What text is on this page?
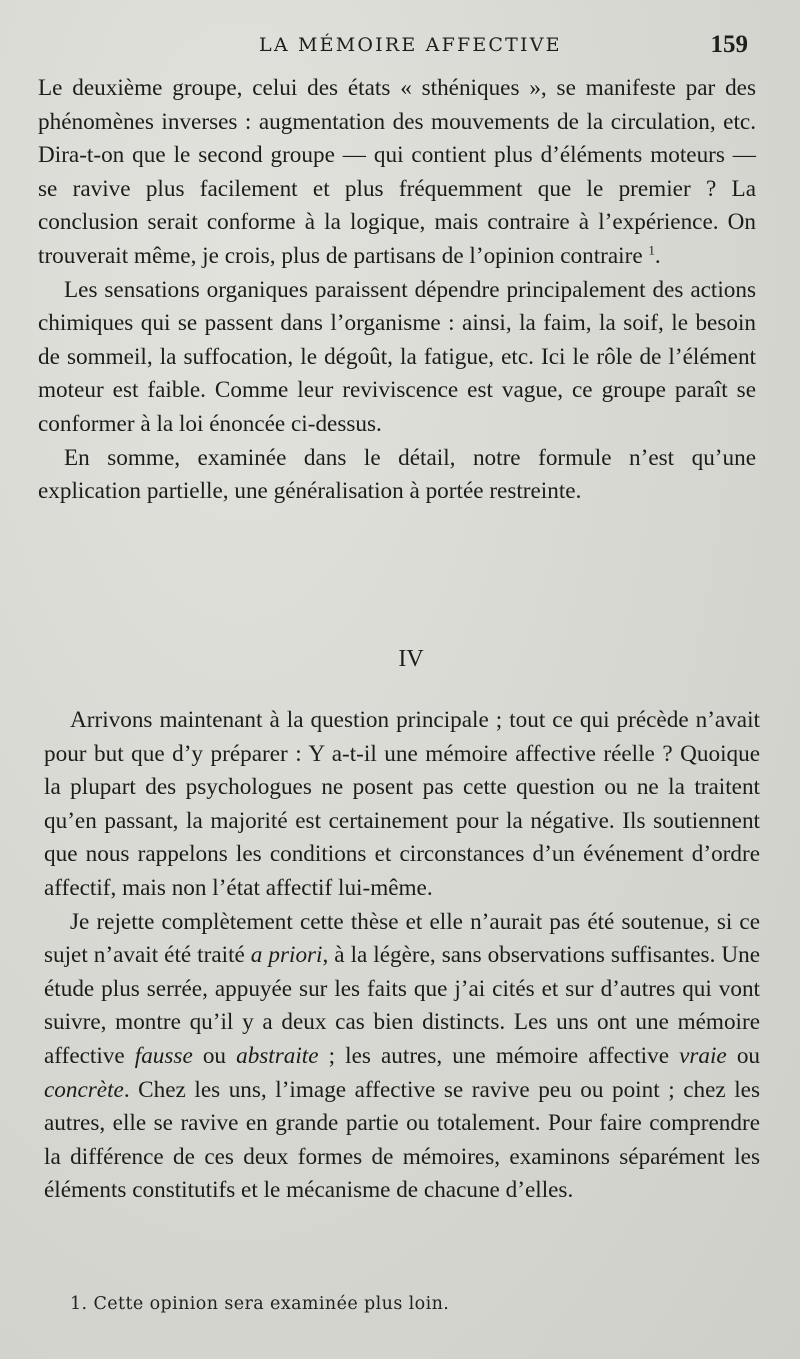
LA MÉMOIRE AFFECTIVE	159

Le deuxième groupe, celui des états « sthéniques », se manifeste par des phénomènes inverses : augmentation des mouvements de la circulation, etc. Dira-t-on que le second groupe — qui contient plus d’éléments moteurs — se ravive plus facilement et plus fréquemment que le premier ? La conclusion serait conforme à la logique, mais contraire à l’expérience. On trouverait même, je crois, plus de partisans de l’opinion contraire $^1$.

Les sensations organiques paraissent dépendre principalement des actions chimiques qui se passent dans l’organisme : ainsi, la faim, la soif, le besoin de sommeil, la suffocation, le dégoût, la fatigue, etc. Ici le rôle de l’élément moteur est faible. Comme leur reviviscence est vague, ce groupe paraît se conformer à la loi énoncée ci-dessus.

En somme, examinée dans le détail, notre formule n’est qu’une explication partielle, une généralisation à portée restreinte.

IV

Arrivons maintenant à la question principale ; tout ce qui précède n’avait pour but que d’y préparer : Y a-t-il une mémoire affective réelle ? Quoique la plupart des psychologues ne posent pas cette question ou ne la traitent qu’en passant, la majorité est certainement pour la négative. Ils soutiennent que nous rappelons les conditions et circonstances d’un événement d’ordre affectif, mais non l’état affectif lui-même.

Je rejette complètement cette thèse et elle n’aurait pas été soutenue, si ce sujet n’avait été traité a priori, à la légère, sans observations suffisantes. Une étude plus serrée, appuyée sur les faits que j’ai cités et sur d’autres qui vont suivre, montre qu’il y a deux cas bien distincts. Les uns ont une mémoire affective fausse ou abstraite ; les autres, une mémoire affective vraie ou concrète. Chez les uns, l’image affective se ravive peu ou point ; chez les autres, elle se ravive en grande partie ou totalement. Pour faire comprendre la différence de ces deux formes de mémoires, examinons séparément les éléments constitutifs et le mécanisme de chacune d’elles.

1. Cette opinion sera examinée plus loin.
